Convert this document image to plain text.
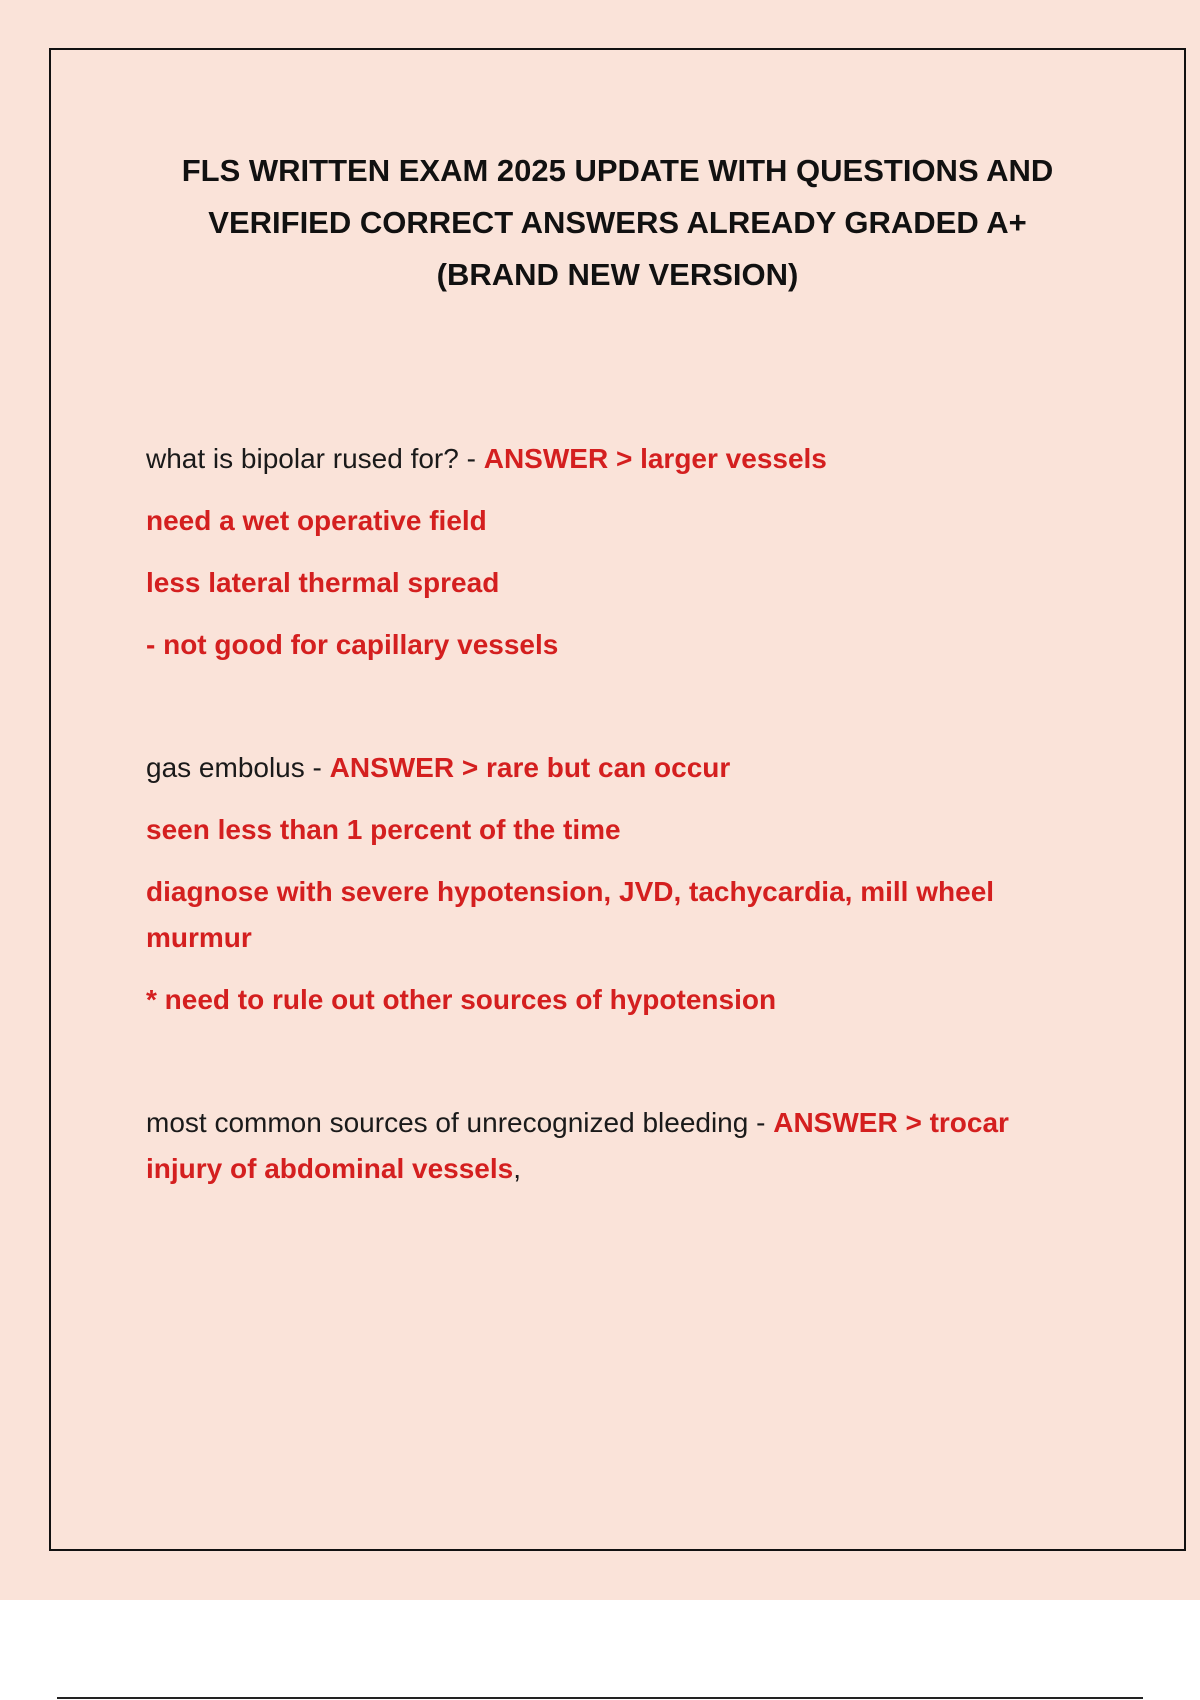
FLS WRITTEN EXAM 2025 UPDATE WITH QUESTIONS AND VERIFIED CORRECT ANSWERS ALREADY GRADED A+ (BRAND NEW VERSION)
what is bipolar rused for? - ANSWER > larger vessels
need a wet operative field
less lateral thermal spread
- not good for capillary vessels
gas embolus - ANSWER > rare but can occur
seen less than 1 percent of the time
diagnose with severe hypotension, JVD, tachycardia, mill wheel murmur
* need to rule out other sources of hypotension
most common sources of unrecognized bleeding - ANSWER > trocar injury of abdominal vessels,
